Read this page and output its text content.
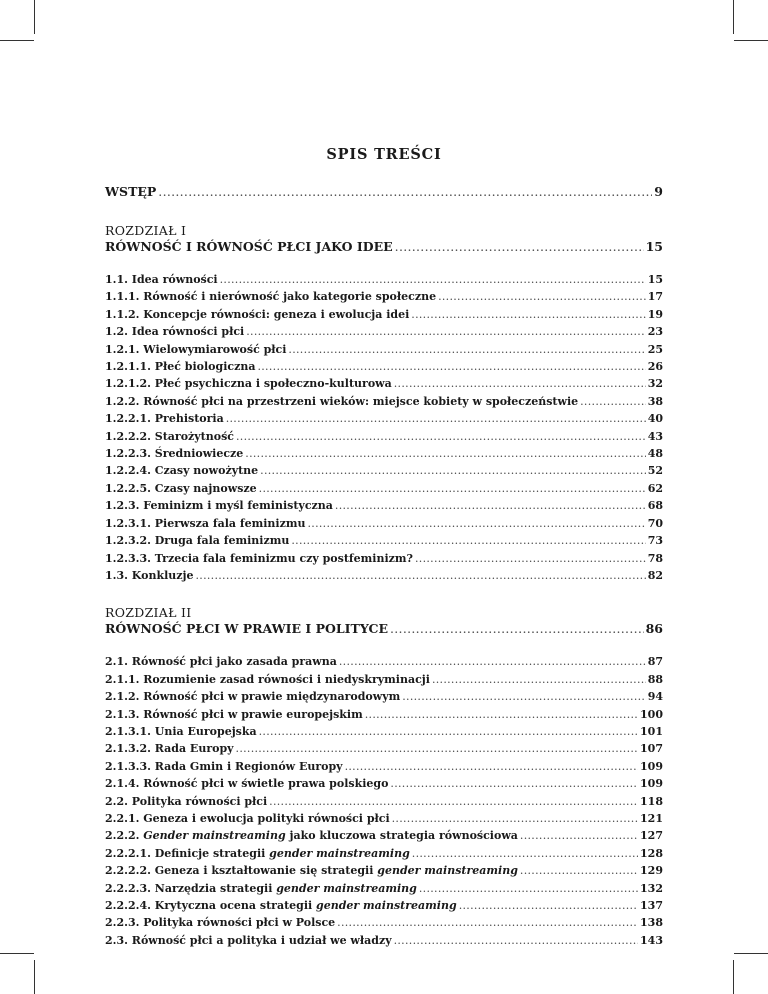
SPIS TREŚCI
WSTĘP .....	9
ROZDZIAŁ I
RÓWNOŚĆ I RÓWNOŚĆ PŁCI JAKO IDEE .....	15
1.1. Idea równości .....	15
1.1.1. Równość i nierówność jako kategorie społeczne .....	17
1.1.2. Koncepcje równości: geneza i ewolucja idei .....	19
1.2. Idea równości płci .....	23
1.2.1. Wielowymiarowość płci .....	25
1.2.1.1. Płeć biologiczna .....	26
1.2.1.2. Płeć psychiczna i społeczno-kulturowa .....	32
1.2.2. Równość płci na przestrzeni wieków: miejsce kobiety w społeczeństwie .....	38
1.2.2.1. Prehistoria .....	40
1.2.2.2. Starożytność .....	43
1.2.2.3. Średniowiecze .....	48
1.2.2.4. Czasy nowożytne .....	52
1.2.2.5. Czasy najnowsze .....	62
1.2.3. Feminizm i myśl feministyczna .....	68
1.2.3.1. Pierwsza fala feminizmu .....	70
1.2.3.2. Druga fala feminizmu .....	73
1.2.3.3. Trzecia fala feminizmu czy postfeminizm? .....	78
1.3. Konkluzje .....	82
ROZDZIAŁ II
RÓWNOŚĆ PŁCI W PRAWIE I POLITYCE .....	86
2.1. Równość płci jako zasada prawna .....	87
2.1.1. Rozumienie zasad równości i niedyskryminacji .....	88
2.1.2. Równość płci w prawie międzynarodowym .....	94
2.1.3. Równość płci w prawie europejskim .....	100
2.1.3.1. Unia Europejska .....	101
2.1.3.2. Rada Europy .....	107
2.1.3.3. Rada Gmin i Regionów Europy .....	109
2.1.4. Równość płci w świetle prawa polskiego .....	109
2.2. Polityka równości płci .....	118
2.2.1. Geneza i ewolucja polityki równości płci .....	121
2.2.2. Gender mainstreaming jako kluczowa strategia równościowa .....	127
2.2.2.1. Definicje strategii gender mainstreaming .....	128
2.2.2.2. Geneza i kształtowanie się strategii gender mainstreaming .....	129
2.2.2.3. Narzędzia strategii gender mainstreaming .....	132
2.2.2.4. Krytyczna ocena strategii gender mainstreaming .....	137
2.2.3. Polityka równości płci w Polsce .....	138
2.3. Równość płci a polityka i udział we władzy .....	143
